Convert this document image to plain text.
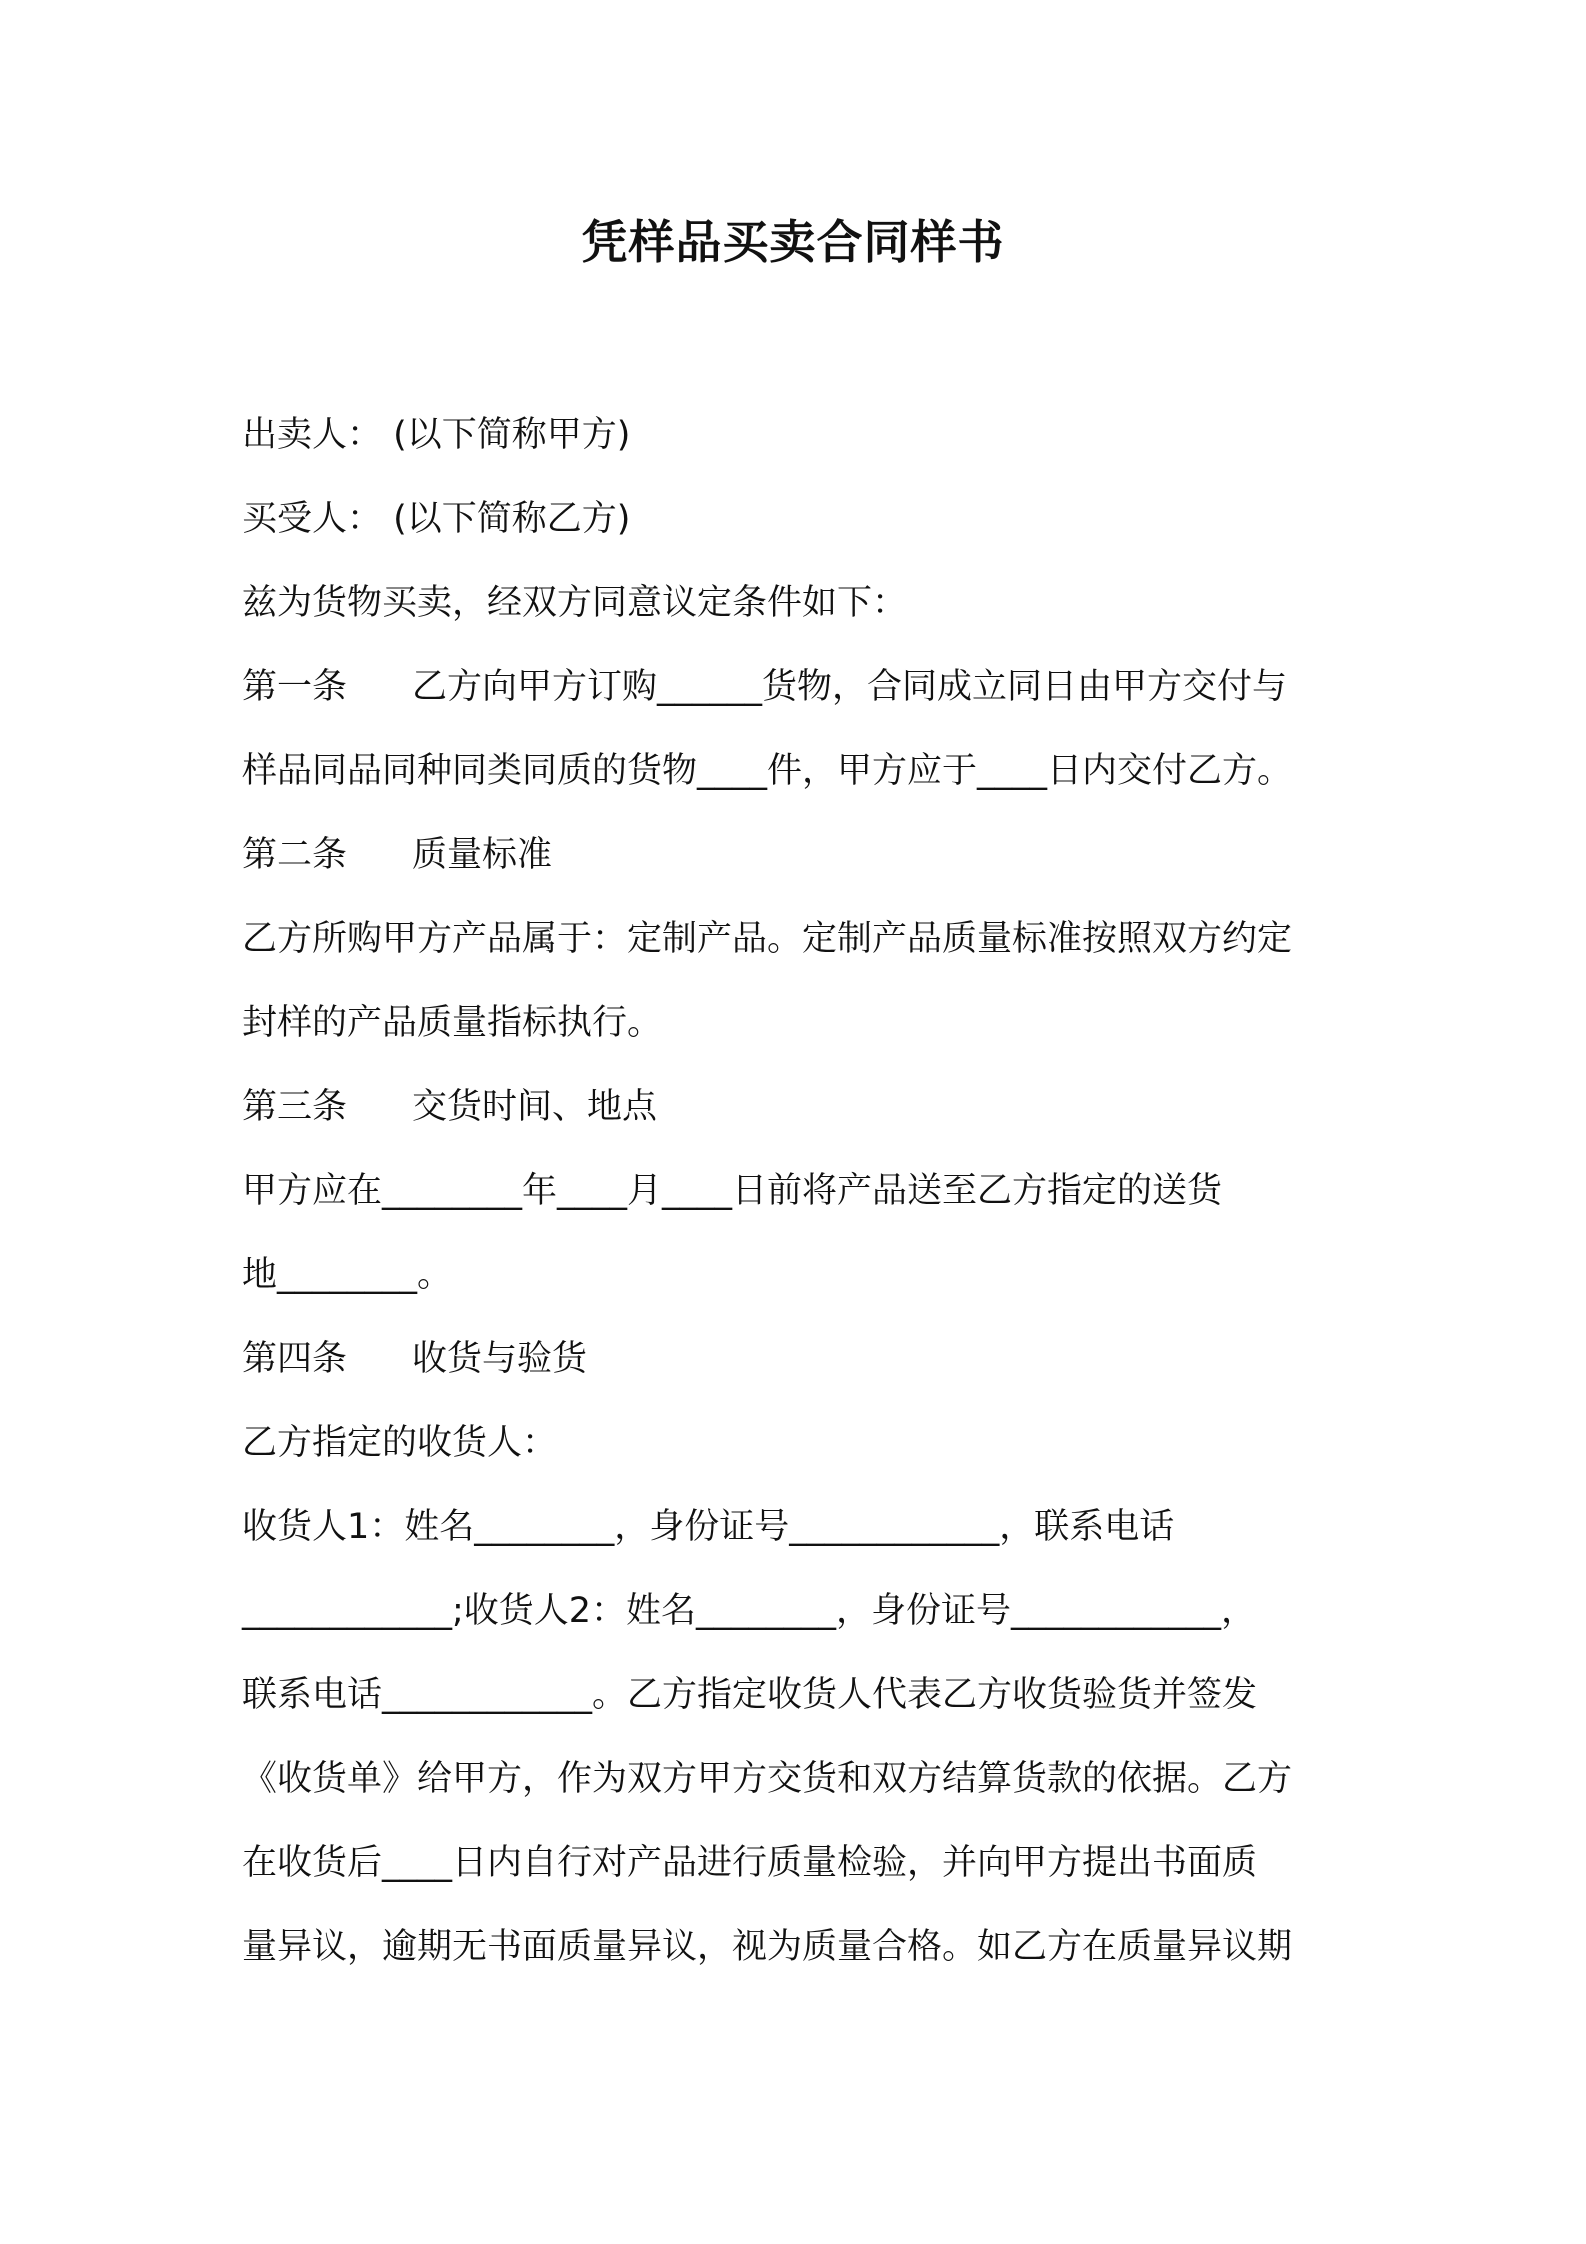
凭样品买卖合同样书
出卖人： (以下简称甲方)
买受人： (以下简称乙方)
兹为货物买卖，经双方同意议定条件如下：
第一条 乙方向甲方订购______货物，合同成立同日由甲方交付与
样品同品同种同类同质的货物____件，甲方应于____日内交付乙方。
第二条 质量标准
乙方所购甲方产品属于：定制产品。定制产品质量标准按照双方约定
封样的产品质量指标执行。
第三条 交货时间、地点
甲方应在________年____月____日前将产品送至乙方指定的送货
地________。
第四条 收货与验货
乙方指定的收货人：
收货人1：姓名________，身份证号____________，联系电话
____________;收货人2：姓名________，身份证号____________，
联系电话____________。乙方指定收货人代表乙方收货验货并签发
《收货单》给甲方，作为双方甲方交货和双方结算货款的依据。乙方
在收货后____日内自行对产品进行质量检验，并向甲方提出书面质
量异议，逾期无书面质量异议，视为质量合格。如乙方在质量异议期
